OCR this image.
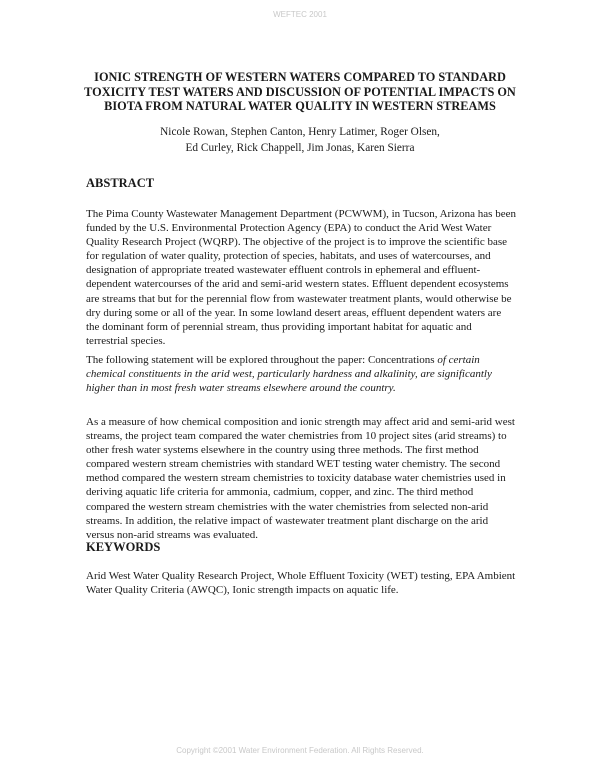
WEFTEC 2001
IONIC STRENGTH OF WESTERN WATERS COMPARED TO STANDARD TOXICITY TEST WATERS AND DISCUSSION OF POTENTIAL IMPACTS ON BIOTA FROM NATURAL WATER QUALITY IN WESTERN STREAMS
Nicole Rowan, Stephen Canton, Henry Latimer, Roger Olsen,
Ed Curley, Rick Chappell, Jim Jonas, Karen Sierra
ABSTRACT

The Pima County Wastewater Management Department (PCWWM), in Tucson, Arizona has been funded by the U.S. Environmental Protection Agency (EPA) to conduct the Arid West Water Quality Research Project (WQRP). The objective of the project is to improve the scientific base for regulation of water quality, protection of species, habitats, and uses of watercourses, and designation of appropriate treated wastewater effluent controls in ephemeral and effluent-dependent watercourses of the arid and semi-arid western states. Effluent dependent ecosystems are streams that but for the perennial flow from wastewater treatment plants, would otherwise be dry during some or all of the year. In some lowland desert areas, effluent dependent waters are the dominant form of perennial stream, thus providing important habitat for aquatic and terrestrial species.

The following statement will be explored throughout the paper: Concentrations of certain chemical constituents in the arid west, particularly hardness and alkalinity, are significantly higher than in most fresh water streams elsewhere around the country.

As a measure of how chemical composition and ionic strength may affect arid and semi-arid west streams, the project team compared the water chemistries from 10 project sites (arid streams) to other fresh water systems elsewhere in the country using three methods. The first method compared western stream chemistries with standard WET testing water chemistry. The second method compared the western stream chemistries to toxicity database water chemistries used in deriving aquatic life criteria for ammonia, cadmium, copper, and zinc. The third method compared the western stream chemistries with the water chemistries from selected non-arid streams. In addition, the relative impact of wastewater treatment plant discharge on the arid versus non-arid streams was evaluated.

KEYWORDS

Arid West Water Quality Research Project, Whole Effluent Toxicity (WET) testing, EPA Ambient Water Quality Criteria (AWQC), Ionic strength impacts on aquatic life.

Copyright ©2001 Water Environment Federation. All Rights Reserved.
